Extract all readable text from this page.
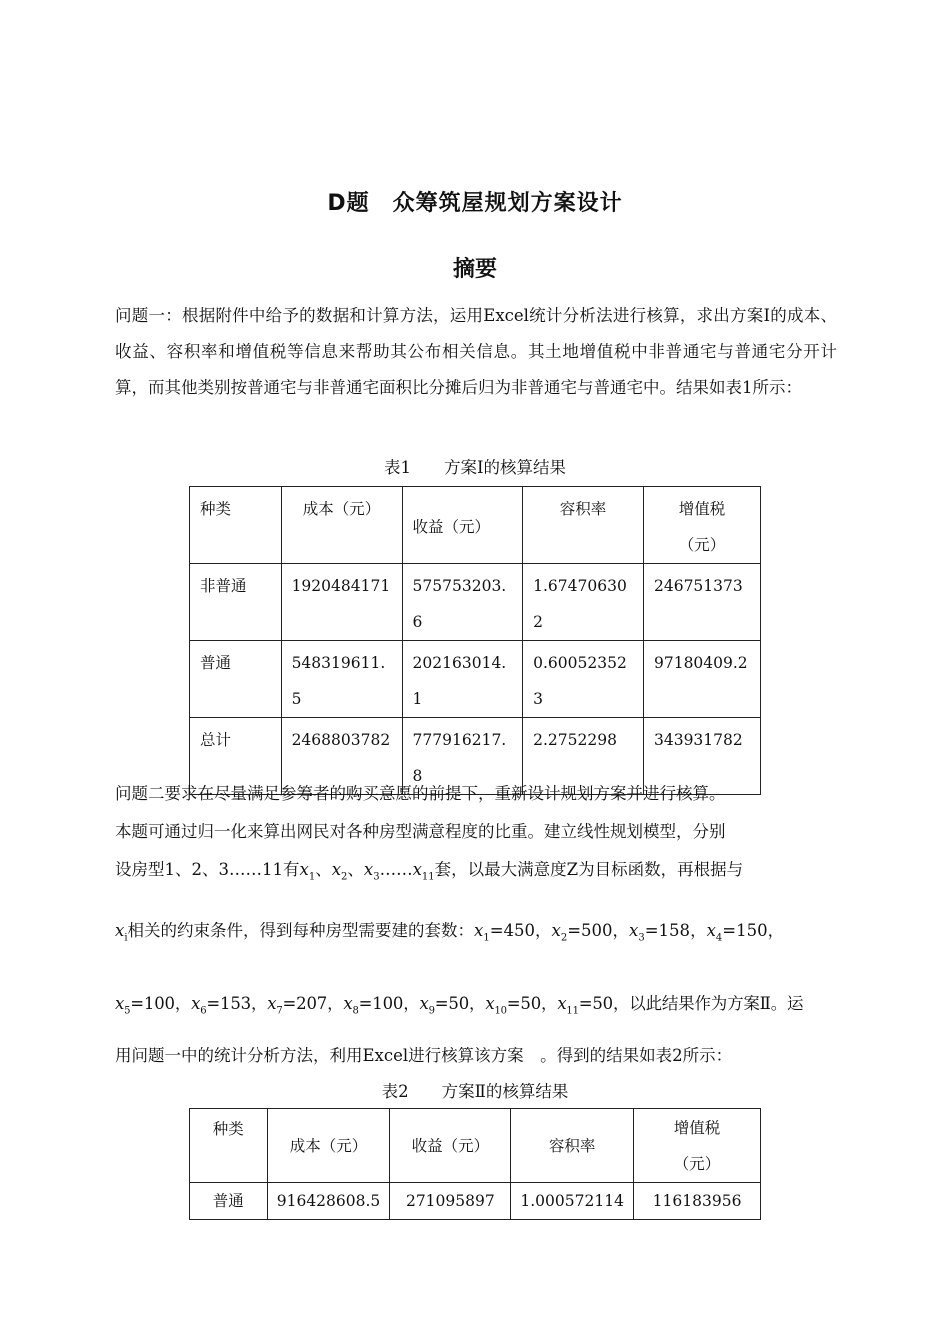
D题　众筹筑屋规划方案设计
摘要
问题一：根据附件中给予的数据和计算方法，运用Excel统计分析法进行核算，求出方案Ⅰ的成本、收益、容积率和增值税等信息来帮助其公布相关信息。其土地增值税中非普通宅与普通宅分开计算，而其他类别按普通宅与非普通宅面积比分摊后归为非普通宅与普通宅中。结果如表1所示：
表1　　方案Ⅰ的核算结果
种类	成本（元）	收益（元）	容积率	增值税（元）
非普通	1920484171	575753203.6	1.674706302	246751373
普通	548319611.5	202163014.1	0.600523523	97180409.2
总计	2468803782	777916217.8	2.2752298	343931782
问题二要求在尽量满足参筹者的购买意愿的前提下，重新设计规划方案并进行核算。
本题可通过归一化来算出网民对各种房型满意程度的比重。建立线性规划模型，分别
设房型1、2、3……11有$x_1$、$x_2$、$x_3\dots\dots x_{11}$套，以最大满意度Z为目标函数，再根据与
$x_i$相关的约束条件，得到每种房型需要建的套数：$x_1=450$，$x_2=500$，$x_3=158$，$x_4=150$，
$x_5=100$，$x_6=153$，$x_7=207$，$x_8=100$，$x_9=50$，$x_{10}=50$，$x_{11}=50$，以此结果作为方案Ⅱ。运
用问题一中的统计分析方法，利用Excel进行核算该方案　。得到的结果如表2所示：
表2　　方案Ⅱ的核算结果
种类	成本（元）	收益（元）	容积率	增值税（元）
普通	916428608.5	271095897	1.000572114	116183956
